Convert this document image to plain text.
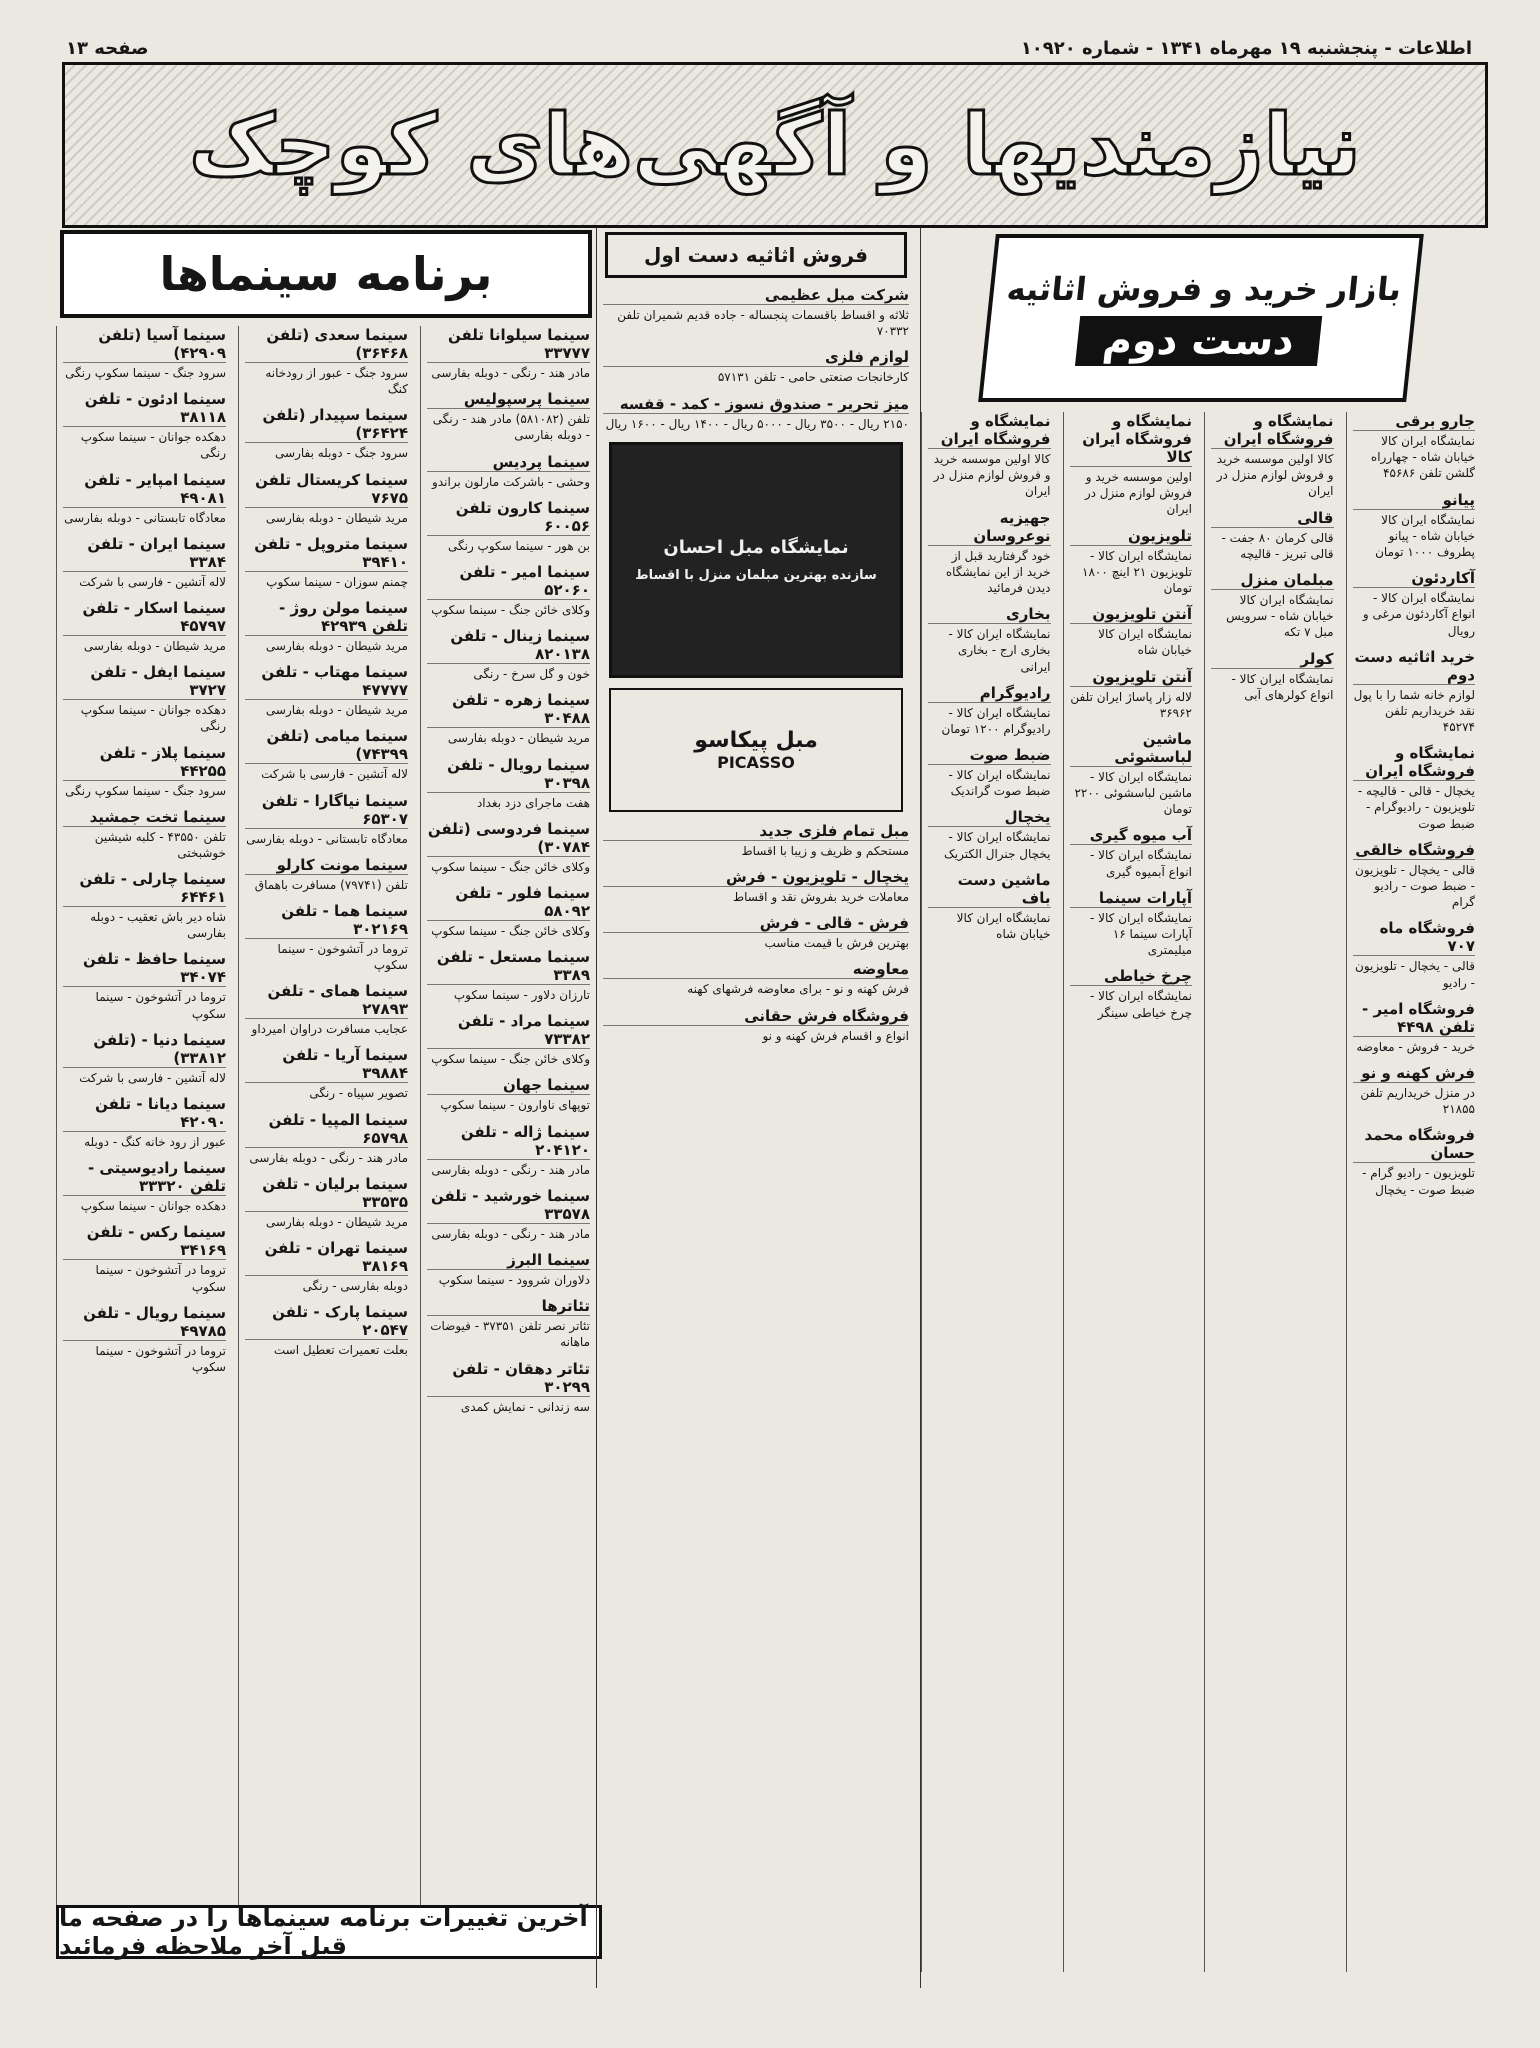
صفحه ۱۳	اطلاعات - پنجشنبه ۱۹ مهرماه ۱۳۴۱ - شماره ۱۰۹۲۰
نیازمندیها و آگهی‌های کوچک
برنامه سینماها
سینما سیلوانا تلفن ۳۳۷۷۷

مادر هند - رنگی - دوبله بفارسی

سینما پرسپولیس

تلفن (۵۸۱۰۸۲) مادر هند - رنگی - دوبله بفارسی

سینما پردیس

وحشی - باشرکت مارلون براندو

سینما کارون تلفن ۶۰۰۵۶

بن هور - سینما سکوپ رنگی

سینما امیر - تلفن ۵۲۰۶۰

وکلای خائن جنگ - سینما سکوپ

سینما زینال - تلفن ۸۲۰۱۳۸

خون و گل سرخ - رنگی

سینما زهره - تلفن ۳۰۴۸۸

مرید شیطان - دوبله بفارسی

سینما رویال - تلفن ۳۰۳۹۸

هفت ماجرای دزد بغداد

سینما فردوسی (تلفن ۳۰۷۸۴)

وکلای خائن جنگ - سینما سکوپ

سینما فلور - تلفن ۵۸۰۹۲

وکلای خائن جنگ - سینما سکوپ

سینما مستعل - تلفن ۳۳۸۹

تارزان دلاور - سینما سکوپ

سینما مراد - تلفن ۷۳۳۸۲

وکلای خائن جنگ - سینما سکوپ

سینما جهان

توپهای ناوارون - سینما سکوپ

سینما ژاله - تلفن ۲۰۴۱۲۰

مادر هند - رنگی - دوبله بفارسی

سینما خورشید - تلفن ۳۳۵۷۸

مادر هند - رنگی - دوبله بفارسی

سینما البرز

دلاوران شروود - سینما سکوپ

تئاترها

تئاتر نصر تلفن ۳۷۳۵۱ - فیوضات ماهانه

تئاتر دهقان - تلفن ۳۰۲۹۹

سه زندانی - نمایش کمدی

سینما سعدی (تلفن ۳۶۴۶۸)

سرود جنگ - عبور از رودخانه کنگ

سینما سپیدار (تلفن ۳۶۴۲۴)

سرود جنگ - دوبله بفارسی

سینما کریستال تلفن ۷۶۷۵

مرید شیطان - دوبله بفارسی

سینما متروپل - تلفن ۳۹۴۱۰

چمنم سوزان - سینما سکوپ

سینما مولن روژ - تلفن ۴۲۹۳۹

مرید شیطان - دوبله بفارسی

سینما مهتاب - تلفن ۴۷۷۷۷

مرید شیطان - دوبله بفارسی

سینما میامی (تلفن ۷۴۳۹۹)

لاله آتشین - فارسی با شرکت

سینما نیاگارا - تلفن ۶۵۳۰۷

معادگاه تابستانی - دوبله بفارسی

سینما مونت کارلو

تلفن (۷۹۷۴۱) مسافرت باهماق

سینما هما - تلفن ۳۰۲۱۶۹

تروما در آتشوخون - سینما سکوپ

سینما همای - تلفن ۲۷۸۹۳

عجایب مسافرت دراوان امیرداو

سینما آریا - تلفن ۳۹۸۸۴

تصویر سپیاه - رنگی

سینما المپیا - تلفن ۶۵۷۹۸

مادر هند - رنگی - دوبله بفارسی

سینما برلیان - تلفن ۳۳۵۳۵

مرید شیطان - دوبله بفارسی

سینما تهران - تلفن ۳۸۱۶۹

دوبله بفارسی - رنگی

سینما پارک - تلفن ۲۰۵۴۷

بعلت تعمیرات تعطیل است

سینما آسیا (تلفن ۴۲۹۰۹)

سرود جنگ - سینما سکوپ رنگی

سینما ادئون - تلفن ۳۸۱۱۸

دهکده جوانان - سینما سکوپ رنگی

سینما امپایر - تلفن ۴۹۰۸۱

معادگاه تابستانی - دوبله بفارسی

سینما ایران - تلفن ۳۳۸۴

لاله آتشین - فارسی با شرکت

سینما اسکار - تلفن ۴۵۷۹۷

مرید شیطان - دوبله بفارسی

سینما ایفل - تلفن ۳۷۲۷

دهکده جوانان - سینما سکوپ رنگی

سینما پلاز - تلفن ۴۴۲۵۵

سرود جنگ - سینما سکوپ رنگی

سینما تخت جمشید

تلفن ۴۳۵۵۰ - کلبه شیشین خوشبختی

سینما چارلی - تلفن ۶۴۴۶۱

شاه دیر باش تعقیب - دوبله بفارسی

سینما حافظ - تلفن ۳۴۰۷۴

تروما در آتشوخون - سینما سکوپ

سینما دنیا - (تلفن ۳۳۸۱۲)

لاله آتشین - فارسی با شرکت

سینما دیانا - تلفن ۴۲۰۹۰

عبور از رود خانه کنگ - دوبله

سینما رادیوسیتی - تلفن ۳۳۳۲۰

دهکده جوانان - سینما سکوپ

سینما رکس - تلفن ۳۴۱۶۹

تروما در آتشوخون - سینما سکوپ

سینما رویال - تلفن ۴۹۷۸۵

تروما در آتشوخون - سینما سکوپ

آخرین تغییرات برنامه سینماها را در صفحه ما قبل آخر ملاحظه فرمائید
فروش اثاثیه دست اول
شرکت مبل عظیمی

ثلاثه و اقساط باقسمات پنجساله - جاده قدیم شمیران تلفن ۷۰۳۳۲

لوازم فلزی

کارخانجات صنعتی حامی - تلفن ۵۷۱۳۱

میز تحریر - صندوق نسوز - کمد - قفسه

۲۱۵۰ ریال - ۳۵۰۰ ریال - ۵۰۰۰ ریال - ۱۴۰۰ ریال - ۱۶۰۰ ریال

نمایشگاه مبل احسان
سازنده بهترین مبلمان منزل با اقساط
مبل پیکاسو
PICASSO
مبل تمام فلزی جدید

مستحکم و ظریف و زیبا با اقساط

یخچال - تلویزیون - فرش

معاملات خرید بفروش نقد و اقساط

فرش - قالی - فرش

بهترین فرش با قیمت مناسب

معاوضه

فرش کهنه و نو - برای معاوضه فرشهای کهنه

فروشگاه فرش حقانی

انواع و اقسام فرش کهنه و نو

بازار خرید و فروش اثاثیه
دست دوم
جارو برقی

نمایشگاه ایران کالا خیابان شاه - چهارراه گلشن تلفن ۴۵۶۸۶

پیانو

نمایشگاه ایران کالا خیابان شاه - پیانو پطروف ۱۰۰۰ تومان

آکاردئون

نمایشگاه ایران کالا - انواع آکاردئون مرغی و رویال

خرید اثاثیه دست دوم

لوازم خانه شما را با پول نقد خریداریم تلفن ۴۵۲۷۴

نمایشگاه و فروشگاه ایران

یخچال - قالی - قالیچه - تلویزیون - رادیوگرام - ضبط صوت

فروشگاه خالقی

قالی - یخچال - تلویزیون - ضبط صوت - رادیو گرام

فروشگاه ماه ۷۰۷

قالی - یخچال - تلویزیون - رادیو

فروشگاه امیر - تلفن ۴۴۹۸

خرید - فروش - معاوضه

فرش کهنه و نو

در منزل خریداریم تلفن ۲۱۸۵۵

فروشگاه محمد حسان

تلویزیون - رادیو گرام - ضبط صوت - یخچال

نمایشگاه و فروشگاه ایران

کالا اولین موسسه خرید و فروش لوازم منزل در ایران

قالی

قالی کرمان ۸۰ جفت - قالی تبریز - قالیچه

مبلمان منزل

نمایشگاه ایران کالا خیابان شاه - سرویس مبل ۷ تکه

کولر

نمایشگاه ایران کالا - انواع کولرهای آبی

نمایشگاه و فروشگاه ایران کالا

اولین موسسه خرید و فروش لوازم منزل در ایران

تلویزیون

نمایشگاه ایران کالا - تلویزیون ۲۱ اینچ ۱۸۰۰ تومان

آنتن تلویزیون

نمایشگاه ایران کالا خیابان شاه

آنتن تلویزیون

لاله زار پاساژ ایران تلفن ۳۶۹۶۲

ماشین لباسشوئی

نمایشگاه ایران کالا - ماشین لباسشوئی ۲۲۰۰ تومان

آب میوه گیری

نمایشگاه ایران کالا - انواع آبمیوه گیری

آپارات سینما

نمایشگاه ایران کالا - آپارات سینما ۱۶ میلیمتری

چرخ خیاطی

نمایشگاه ایران کالا - چرخ خیاطی سینگر

نمایشگاه و فروشگاه ایران

کالا اولین موسسه خرید و فروش لوازم منزل در ایران

جهیزیه نوعروسان

خود گرفتارید قبل از خرید از این نمایشگاه دیدن فرمائید

بخاری

نمایشگاه ایران کالا - بخاری ارج - بخاری ایرانی

رادیوگرام

نمایشگاه ایران کالا - رادیوگرام ۱۲۰۰ تومان

ضبط صوت

نمایشگاه ایران کالا - ضبط صوت گراندیک

یخچال

نمایشگاه ایران کالا - یخچال جنرال الکتریک

ماشین دست باف

نمایشگاه ایران کالا خیابان شاه
